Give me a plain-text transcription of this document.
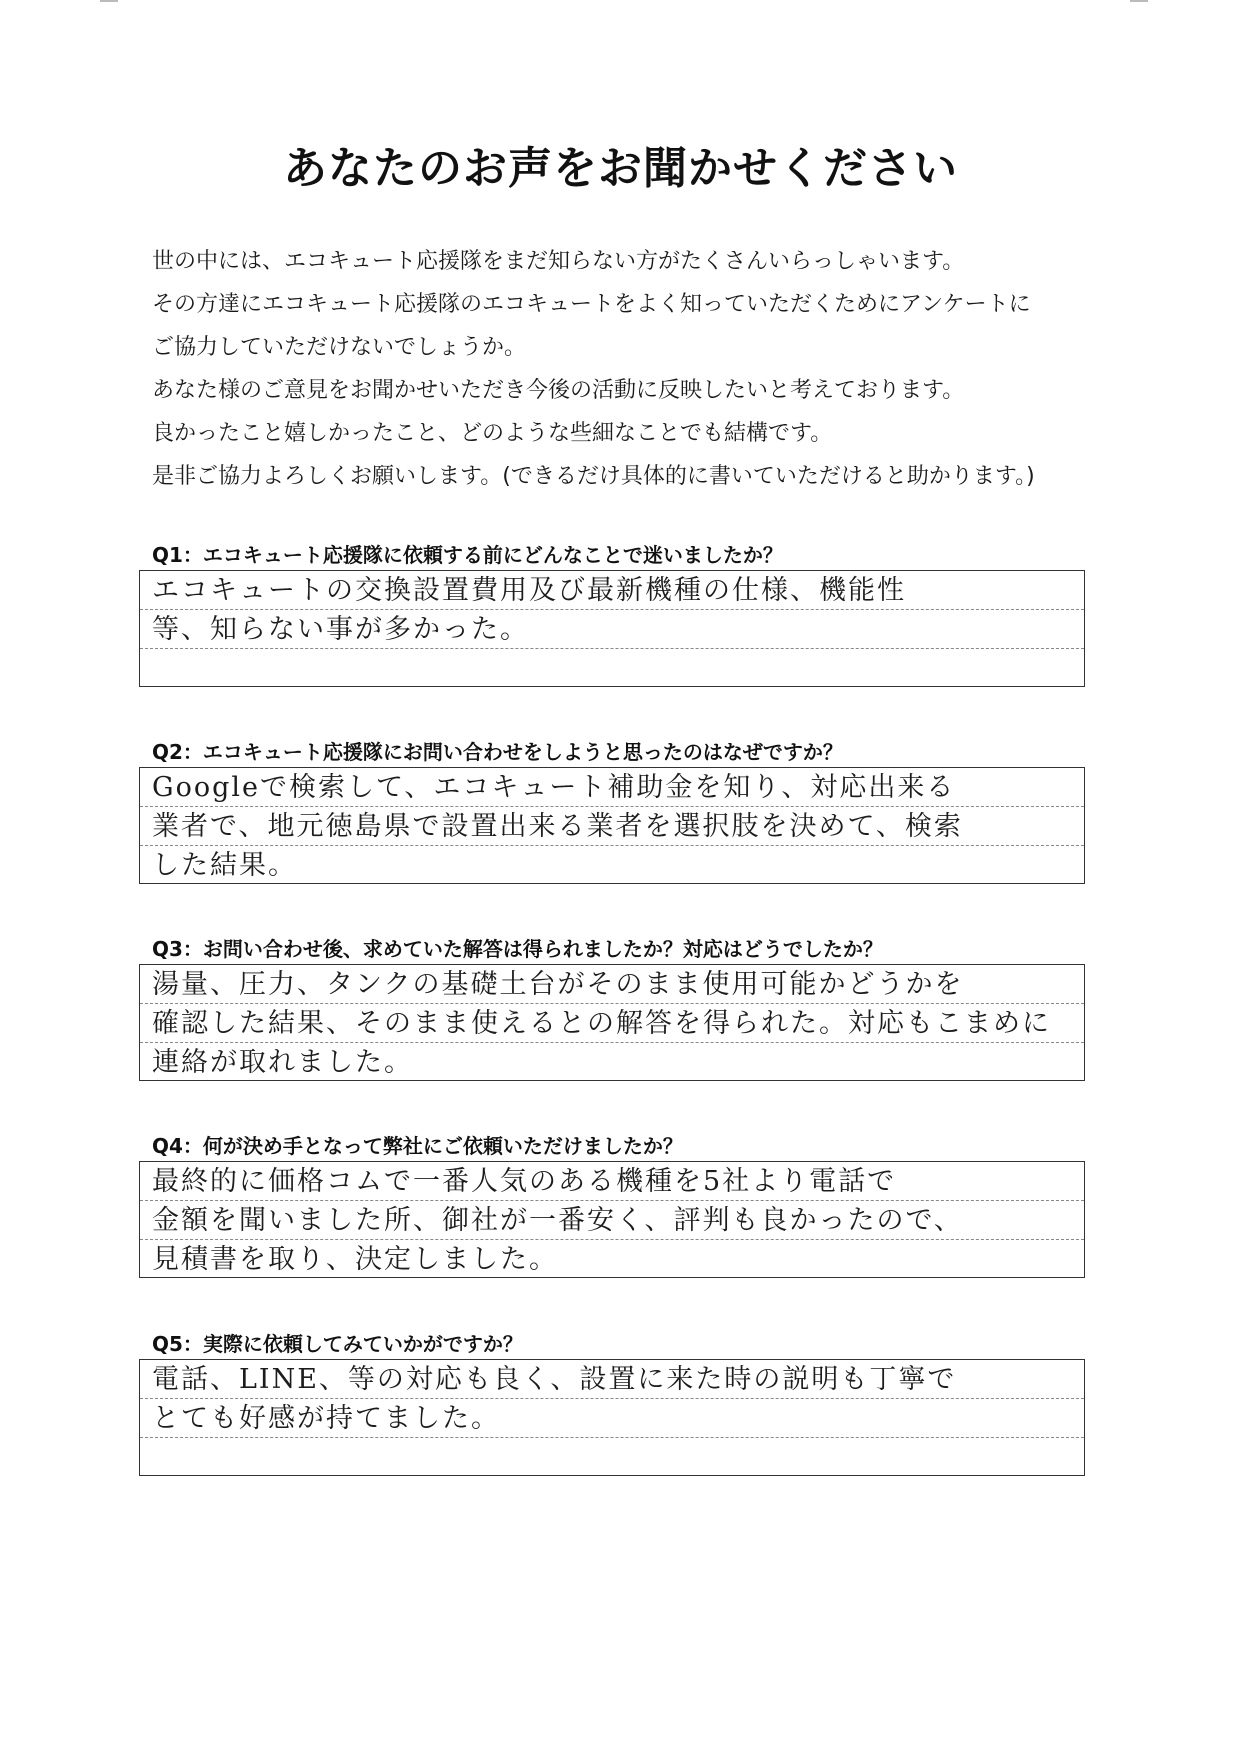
あなたのお声をお聞かせください
世の中には、エコキュート応援隊をまだ知らない方がたくさんいらっしゃいます。
その方達にエコキュート応援隊のエコキュートをよく知っていただくためにアンケートに
ご協力していただけないでしょうか。
あなた様のご意見をお聞かせいただき今後の活動に反映したいと考えております。
良かったこと嬉しかったこと、どのような些細なことでも結構です。
是非ご協力よろしくお願いします。(できるだけ具体的に書いていただけると助かります。)
Q1：エコキュート応援隊に依頼する前にどんなことで迷いましたか？
エコキュートの交換設置費用及び最新機種の仕様、機能性
等、知らない事が多かった。
Q2：エコキュート応援隊にお問い合わせをしようと思ったのはなぜですか？
Googleで検索して、エコキュート補助金を知り、対応出来る
業者で、地元徳島県で設置出来る業者を選択肢を決めて、検索
した結果。
Q3：お問い合わせ後、求めていた解答は得られましたか？対応はどうでしたか？
湯量、圧力、タンクの基礎土台がそのまま使用可能かどうかを
確認した結果、そのまま使えるとの解答を得られた。対応もこまめに
連絡が取れました。
Q4：何が決め手となって弊社にご依頼いただけましたか？
最終的に価格コムで一番人気のある機種を5社より電話で
金額を聞いました所、御社が一番安く、評判も良かったので、
見積書を取り、決定しました。
Q5：実際に依頼してみていかがですか？
電話、LINE、等の対応も良く、設置に来た時の説明も丁寧で
とても好感が持てました。
